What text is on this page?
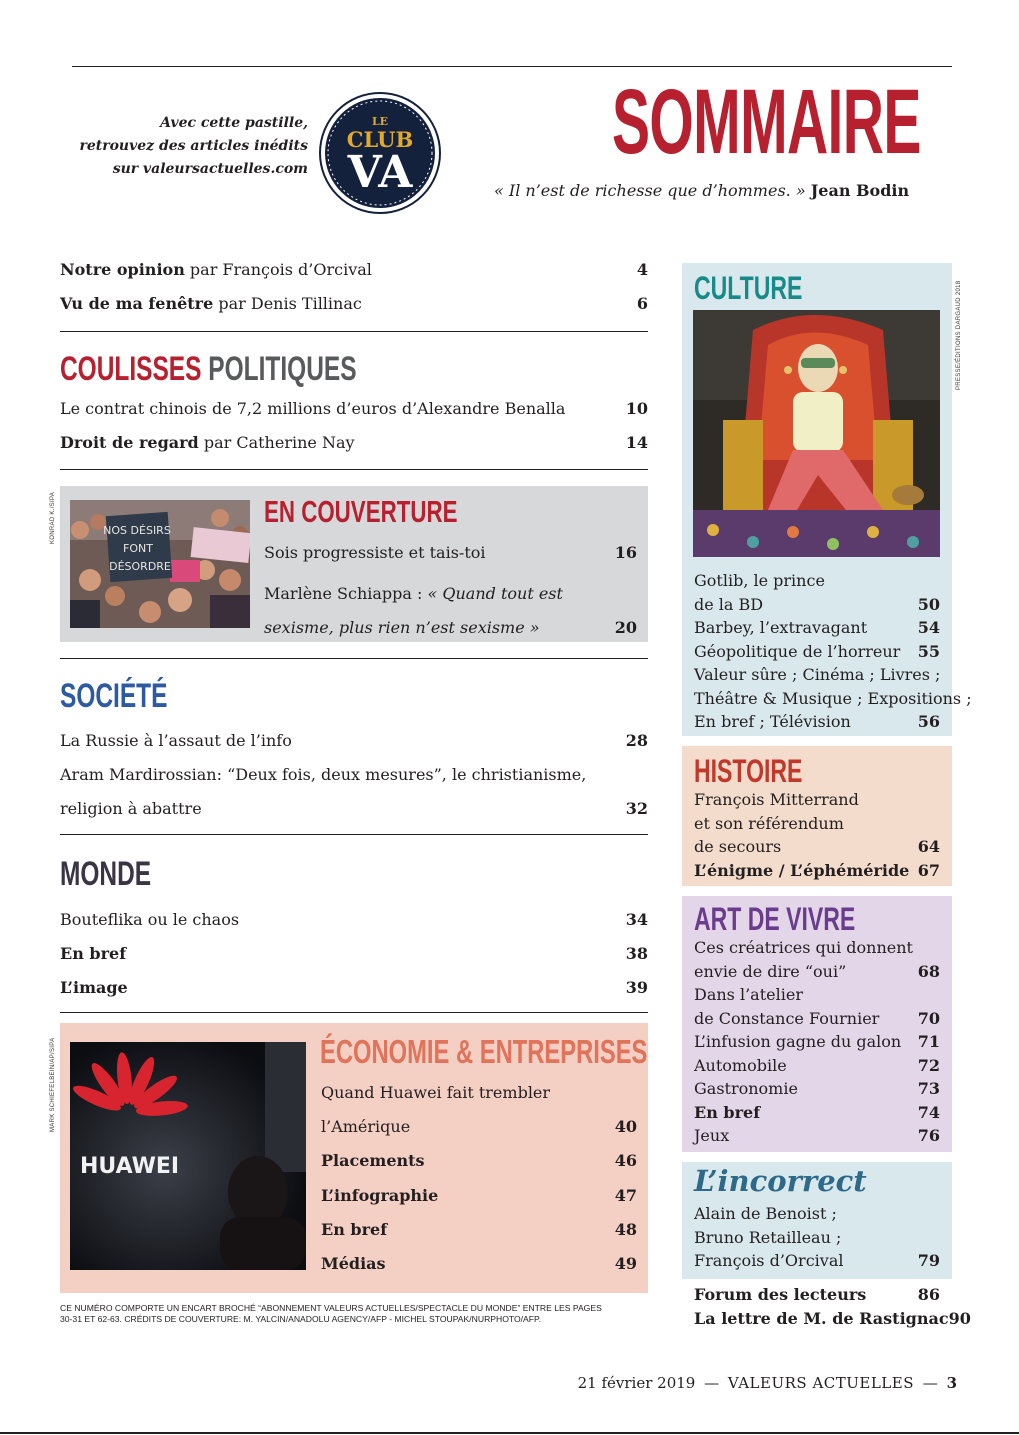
Avec cette pastille,
retrouvez des articles inédits
sur valeursactuelles.com
LE
CLUB
VA SOMMAIRE
« Il n’est de richesse que d’hommes. » Jean Bodin
Notre opinion par François d’Orcival	4
Vu de ma fenêtre par Denis Tillinac	6
COULISSES POLITIQUES
Le contrat chinois de 7,2 millions d’euros d’Alexandre Benalla	10
Droit de regard par Catherine Nay	14
KONRAD K./SIPA	NOS DÉSIRS
FONT
DÉSORDRE
EN COUVERTURE
Sois progressiste et tais-toi	16
Marlène Schiappa : « Quand tout est
sexisme, plus rien n’est sexisme »	20
SOCIÉTÉ
La Russie à l’assaut de l’info	28
Aram Mardirossian: “Deux fois, deux mesures”, le christianisme,
religion à abattre	32
MONDE
Bouteflika ou le chaos	34
En bref	38
L’image	39
MARK SCHIEFELBEIN/AP/SIPA
HUAWEI
ÉCONOMIE & ENTREPRISES
Quand Huawei fait trembler
l’Amérique	40
Placements	46
L’infographie	47
En bref	48
Médias	49
CE NUMÉRO COMPORTE UN ENCART BROCHÉ “ABONNEMENT VALEURS ACTUELLES/SPECTACLE DU MONDE” ENTRE LES PAGES
30-31 ET 62-63. CRÉDITS DE COUVERTURE: M. YALCIN/ANADOLU AGENCY/AFP - MICHEL STOUPAK/NURPHOTO/AFP.
PRESSE/ÉDITIONS DARGAUD 2018
CULTURE
Gotlib, le prince
de la BD	50
Barbey, l’extravagant	54
Géopolitique de l’horreur 55
Valeur sûre ; Cinéma ; Livres ;
Théâtre & Musique ; Expositions ;
En bref ; Télévision	56
HISTOIRE
François Mitterrand
et son référendum
de secours	64
L’énigme / L’éphéméride 67
ART DE VIVRE
Ces créatrices qui donnent
envie de dire “oui”	68
Dans l’atelier
de Constance Fournier 70
L’infusion gagne du galon 71
Automobile	72
Gastronomie	73
En bref	74
Jeux	76
L’incorrect
Alain de Benoist ;
Bruno Retailleau ;
François d’Orcival	79
Forum des lecteurs	86
La lettre de M. de Rastignac 90
21 février 2019 — VALEURS ACTUELLES — 3
